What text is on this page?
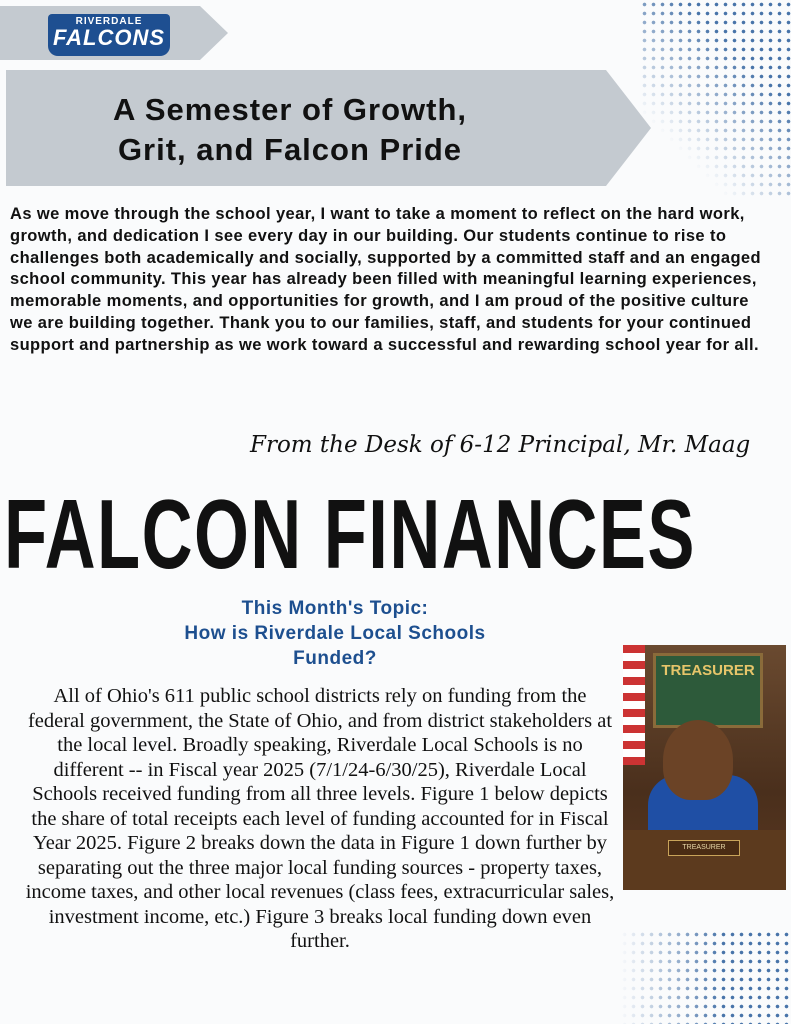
RIVERDALE
FALCONS
A Semester of Growth,
Grit, and Falcon Pride
As we move through the school year, I want to take a moment to reflect on the hard work, growth, and dedication I see every day in our building. Our students continue to rise to challenges both academically and socially, supported by a committed staff and an engaged school community. This year has already been filled with meaningful learning experiences, memorable moments, and opportunities for growth, and I am proud of the positive culture we are building together. Thank you to our families, staff, and students for your continued support and partnership as we work toward a successful and rewarding school year for all.
From the Desk of 6-12 Principal, Mr. Maag
FALCON FINANCES
This Month's Topic:
How is Riverdale Local Schools Funded?
All of Ohio's 611 public school districts rely on funding from the federal government, the State of Ohio, and from district stakeholders at the local level. Broadly speaking, Riverdale Local Schools is no different -- in Fiscal year 2025 (7/1/24-6/30/25), Riverdale Local Schools received funding from all three levels. Figure 1 below depicts the share of total receipts each level of funding accounted for in Fiscal Year 2025. Figure 2 breaks down the data in Figure 1 down further by separating out the three major local funding sources - property taxes, income taxes, and other local revenues (class fees, extracurricular sales, investment income, etc.) Figure 3 breaks local funding down even further.
TREASURER
TREASURER
